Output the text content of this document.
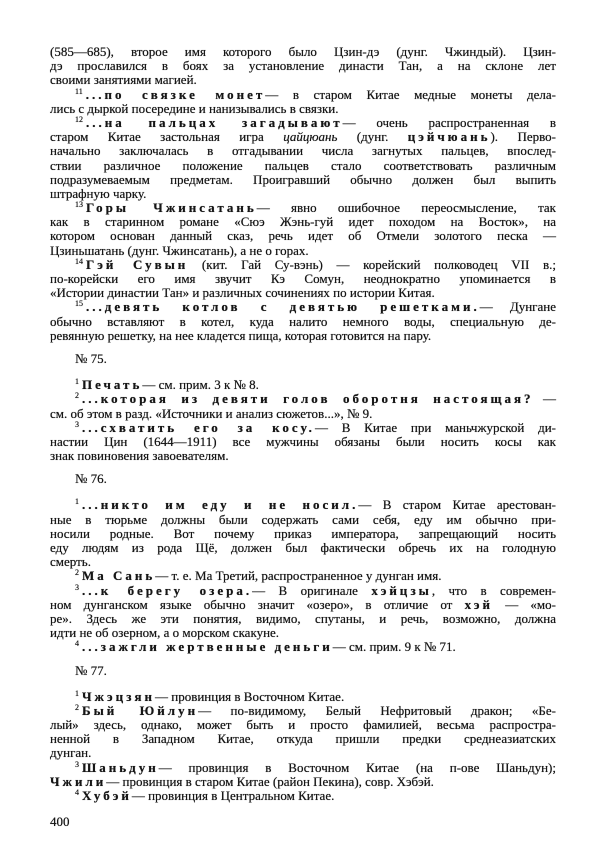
(585—685), второе имя которого было Цзин-дэ (дунг. Чжиндый). Цзин-
дэ прославился в боях за установление династи Тан, а на склоне лет
своими занятиями магией.
$^{11}$ ...по связке монет— в старом Китае медные монеты дела-
лись с дыркой посередине и нанизывались в связки.
$^{12}$ ...на пальцах загадывают— очень распространенная в
старом Китае застольная игра цайцюань (дунг. цэйчюань). Перво-
начально заключалась в отгадывании числа загнутых пальцев, впослед-
ствии различное положение пальцев стало соответствовать различным
подразумеваемым предметам. Проигравший обычно должен был выпить
штрафную чарку.
$^{13}$ Горы Чжинсатань— явно ошибочное переосмысление, так
как в старинном романе «Сюэ Жэнь-гуй идет походом на Восток», на
котором основан данный сказ, речь идет об Отмели золотого песка —
Цзиньшатань (дунг. Чжинсатань), а не о горах.
$^{14}$ Гэй Сувын (кит. Гай Су-вэнь) — корейский полководец VII в.;
по-корейски его имя звучит Кэ Сомун, неоднократно упоминается в
«Истории династии Тан» и различных сочинениях по истории Китая.
$^{15}$ ...девять котлов с девятью решетками.— Дунгане
обычно вставляют в котел, куда налито немного воды, специальную де-
ревянную решетку, на нее кладется пища, которая готовится на пару.
№ 75.
$^1$ Печать— см. прим. 3 к № 8.
$^2$ ...которая из девяти голов оборотня настоящая? —
см. об этом в разд. «Источники и анализ сюжетов...», № 9.
$^3$ ...схватить его за косу.— В Китае при маньчжурской ди-
настии Цин (1644—1911) все мужчины обязаны были носить косы как
знак повиновения завоевателям.
№ 76.
$^1$ ...никто им еду и не носил.— В старом Китае арестован-
ные в тюрьме должны были содержать сами себя, еду им обычно при-
носили родные. Вот почему приказ императора, запрещающий носить
еду людям из рода Щё, должен был фактически обречь их на голодную
смерть.
$^2$ Ма Сань— т. е. Ма Третий, распространенное у дунган имя.
$^3$ ...к берегу озера.— В оригинале хэйцзы, что в современ-
ном дунганском языке обычно значит «озеро», в отличие от хэй — «мо-
ре». Здесь же эти понятия, видимо, спутаны, и речь, возможно, должна
идти не об озерном, а о морском скакуне.
$^4$ ...зажгли жертвенные деньги— см. прим. 9 к № 71.
№ 77.
$^1$ Чжэцзян— провинция в Восточном Китае.
$^2$ Бый Юйлун— по-видимому, Белый Нефритовый дракон; «Бе-
лый» здесь, однако, может быть и просто фамилией, весьма распростра-
ненной в Западном Китае, откуда пришли предки среднеазиатских
дунган.
$^3$ Шаньдун— провинция в Восточном Китае (на п-ове Шаньдун);
Чжили— провинция в старом Китае (район Пекина), совр. Хэбэй.
$^4$ Хубэй— провинция в Центральном Китае.
400
